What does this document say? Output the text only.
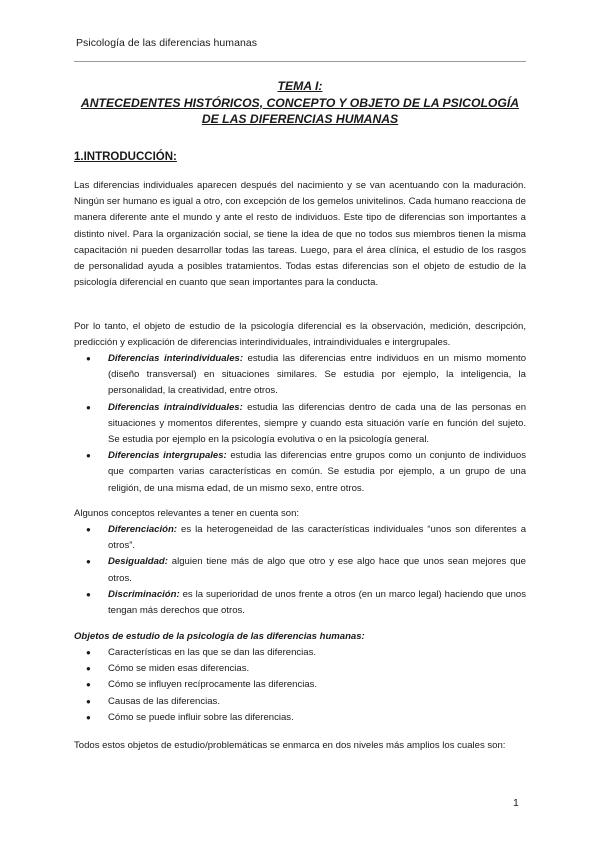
Psicología de las diferencias humanas
TEMA I:
ANTECEDENTES HISTÓRICOS, CONCEPTO Y OBJETO DE LA PSICOLOGÍA DE LAS DIFERENCIAS HUMANAS
1.INTRODUCCIÓN:

Las diferencias individuales aparecen después del nacimiento y se van acentuando con la maduración. Ningún ser humano es igual a otro, con excepción de los gemelos univitelinos. Cada humano reacciona de manera diferente ante el mundo y ante el resto de individuos. Este tipo de diferencias son importantes a distinto nivel. Para la organización social, se tiene la idea de que no todos sus miembros tienen la misma capacitación ni pueden desarrollar todas las tareas. Luego, para el área clínica, el estudio de los rasgos de personalidad ayuda a posibles tratamientos. Todas estas diferencias son el objeto de estudio de la psicología diferencial en cuanto que sean importantes para la conducta.

Por lo tanto, el objeto de estudio de la psicología diferencial es la observación, medición, descripción, predicción y explicación de diferencias interindividuales, intraindividuales e intergrupales.

● Diferencias interindividuales: estudia las diferencias entre individuos en un mismo momento (diseño transversal) en situaciones similares. Se estudia por ejemplo, la inteligencia, la personalidad, la creatividad, entre otros.
● Diferencias intraindividuales: estudia las diferencias dentro de cada una de las personas en situaciones y momentos diferentes, siempre y cuando esta situación varíe en función del sujeto. Se estudia por ejemplo en la psicología evolutiva o en la psicología general.
● Diferencias intergrupales: estudia las diferencias entre grupos como un conjunto de individuos que comparten varias características en común. Se estudia por ejemplo, a un grupo de una religión, de una misma edad, de un mismo sexo, entre otros.

Algunos conceptos relevantes a tener en cuenta son:

● Diferenciación: es la heterogeneidad de las características individuales “unos son diferentes a otros”.
● Desigualdad: alguien tiene más de algo que otro y ese algo hace que unos sean mejores que otros.
● Discriminación: es la superioridad de unos frente a otros (en un marco legal) haciendo que unos tengan más derechos que otros.

Objetos de estudio de la psicología de las diferencias humanas:

● Características en las que se dan las diferencias.
● Cómo se miden esas diferencias.
● Cómo se influyen recíprocamente las diferencias.
● Causas de las diferencias.
● Cómo se puede influir sobre las diferencias.

Todos estos objetos de estudio/problemáticas se enmarca en dos niveles más amplios los cuales son:

1
